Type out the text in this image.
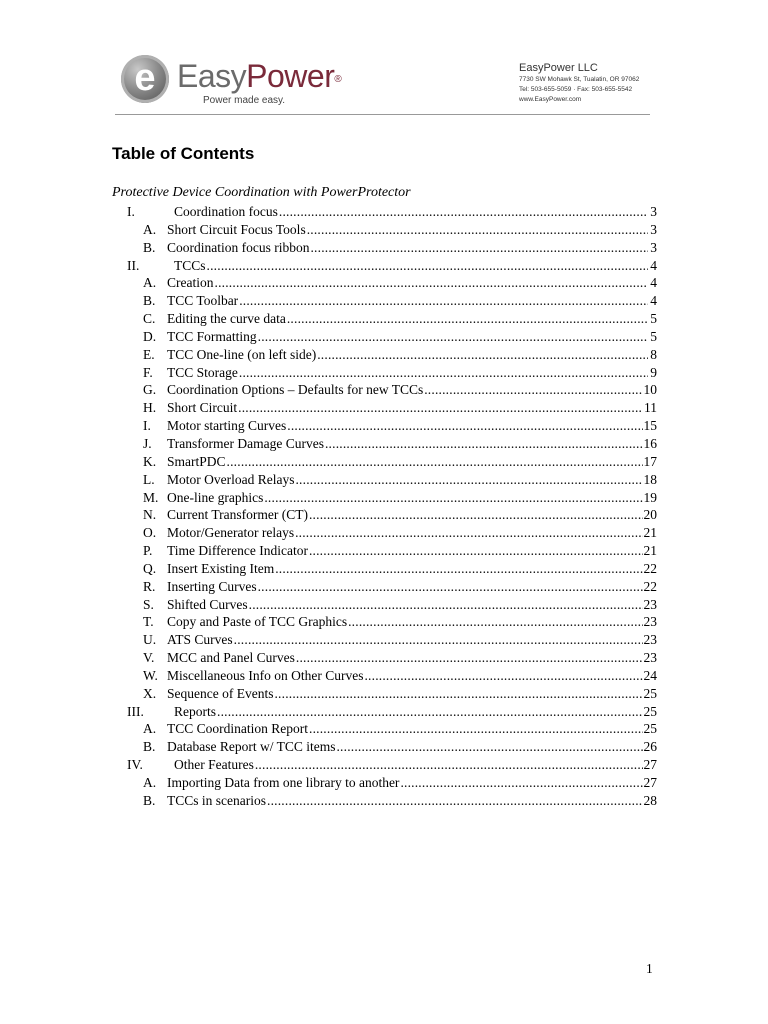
e EasyPower®
Power made easy.
EasyPower LLC
7730 SW Mohawk St, Tualatin, OR 97062
Tel: 503-655-5059 · Fax: 503-655-5542
www.EasyPower.com
Table of Contents
Protective Device Coordination with PowerProtector
I.	Coordination focus .....	3
A. Short Circuit Focus Tools .....	3
B. Coordination focus ribbon .....	3
II.	TCCs .....	4
A. Creation .....	4
B. TCC Toolbar .....	4
C. Editing the curve data .....	5
D. TCC Formatting .....	5
E. TCC One-line (on left side) .....	8
F.	TCC Storage .....	9
G. Coordination Options – Defaults for new TCCs .....	10
H. Short Circuit .....	11
I.	Motor starting Curves .....	15
J.	Transformer Damage Curves .....	16
K. SmartPDC .....	17
L. Motor Overload Relays .....	18
M. One-line graphics .....	19
N. Current Transformer (CT) .....	20
O. Motor/Generator relays .....	21
P.	Time Difference Indicator .....	21
Q. Insert Existing Item .....	22
R. Inserting Curves .....	22
S. Shifted Curves .....	23
T. Copy and Paste of TCC Graphics .....	23
U. ATS Curves .....	23
V. MCC and Panel Curves .....	23
W. Miscellaneous Info on Other Curves .....	24
X. Sequence of Events .....	25
III.	Reports .....	25
A. TCC Coordination Report .....	25
B. Database Report w/ TCC items .....	26
IV.	Other Features .....	27
A. Importing Data from one library to another .....	27
B. TCCs in scenarios .....	28
1
